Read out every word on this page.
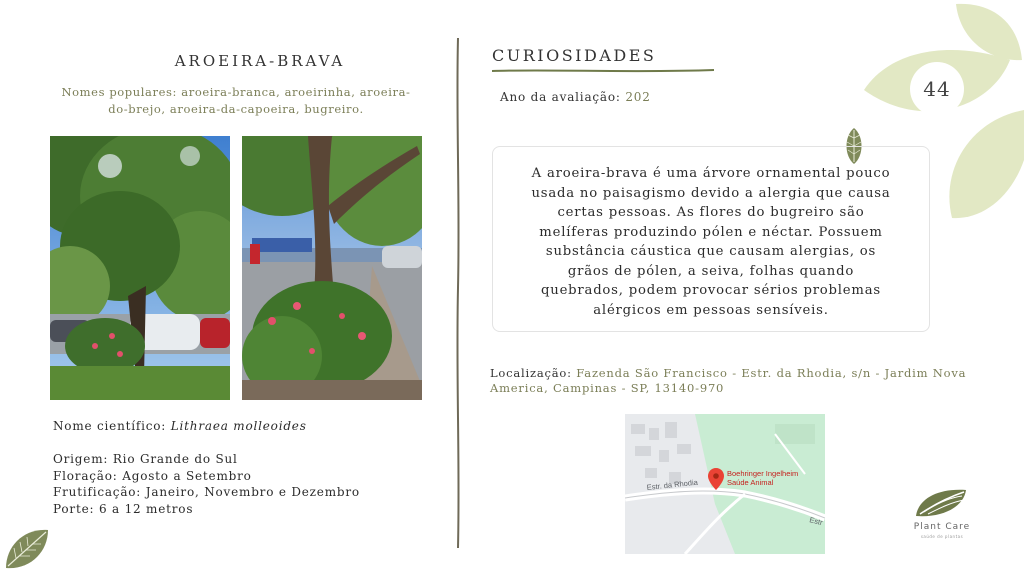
AROEIRA-BRAVA
Nomes populares: aroeira-branca, aroeirinha, aroeira-
do-brejo, aroeira-da-capoeira, bugreiro.
Nome científico: Lithraea molleoides
Origem: Rio Grande do Sul
Floração: Agosto a Setembro
Frutificação: Janeiro, Novembro e Dezembro
Porte: 6 a 12 metros
CURIOSIDADES
Ano da avaliação: 202
A aroeira-brava é uma árvore ornamental pouco
usada no paisagismo devido a alergia que causa
certas pessoas. As flores do bugreiro são
melíferas produzindo pólen e néctar. Possuem
substância cáustica que causam alergias, os
grãos de pólen, a seiva, folhas quando
quebrados, podem provocar sérios problemas
alérgicos em pessoas sensíveis.
Localização: Fazenda São Francisco - Estr. da Rhodia, s/n - Jardim Nova
America, Campinas - SP, 13140-970
Estr. da Rhodia
Estr
Boehringer Ingelheim
Saúde Animal
44
Plant Care
saúde de plantas
